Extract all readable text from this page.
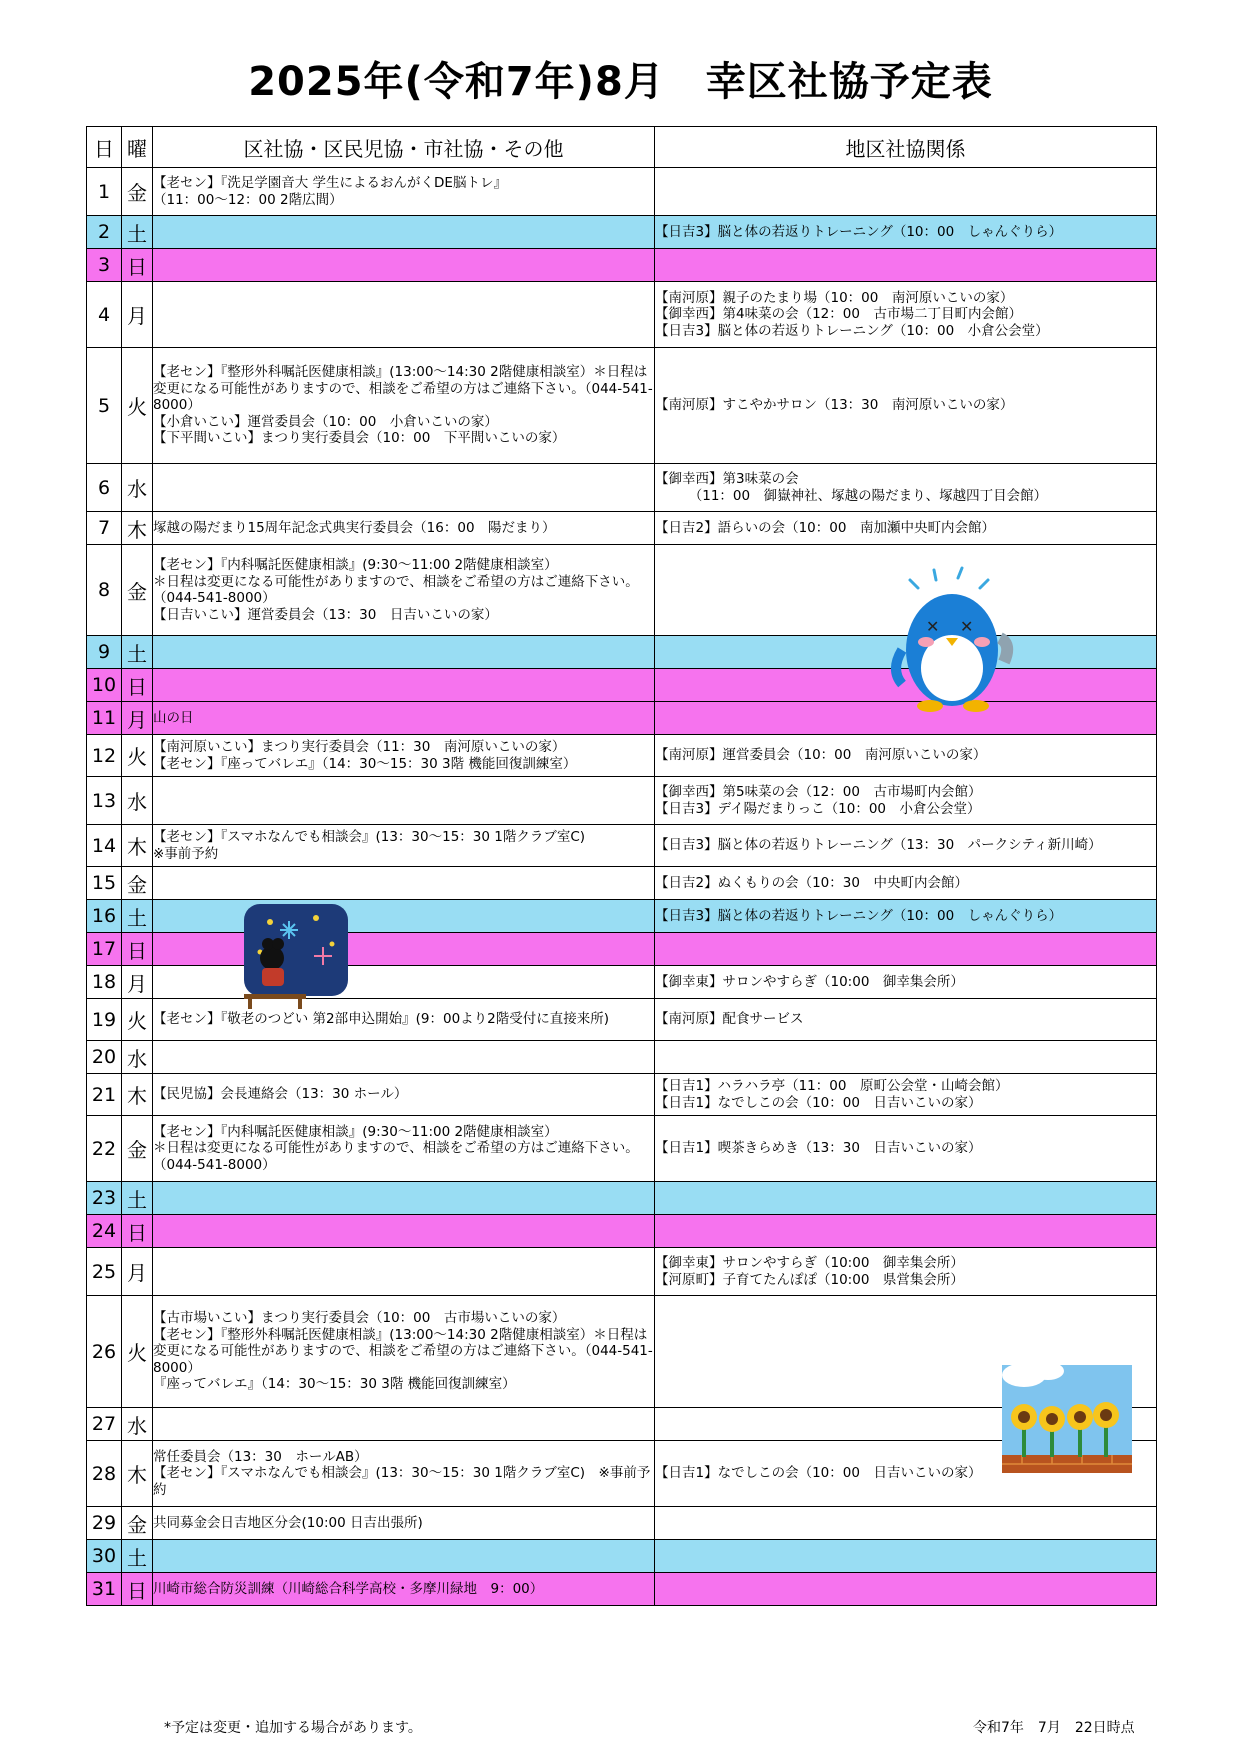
2025年(令和7年)8月　幸区社協予定表
日	曜	区社協・区民児協・市社協・その他	地区社協関係
1	金	【老セン】『洗足学園音大 学生によるおんがくDE脳トレ』
（11：00～12：00 2階広間）	
2	土		【日吉3】脳と体の若返りトレーニング（10：00　しゃんぐりら）
3	日		
4	月		【南河原】親子のたまり場（10：00　南河原いこいの家）
【御幸西】第4味菜の会（12：00　古市場二丁目町内会館）
【日吉3】脳と体の若返りトレーニング（10：00　小倉公会堂）
5	火	【老セン】『整形外科嘱託医健康相談』(13:00～14:30 2階健康相談室）＊日程は変更になる可能性がありますので、相談をご希望の方はご連絡下さい。（044-541-8000）
【小倉いこい】運営委員会（10：00　小倉いこいの家）
【下平間いこい】まつり実行委員会（10：00　下平間いこいの家）	【南河原】すこやかサロン（13：30　南河原いこいの家）
6	水		【御幸西】第3味菜の会
　　　（11：00　御嶽神社、塚越の陽だまり、塚越四丁目会館）
7	木	塚越の陽だまり15周年記念式典実行委員会（16：00　陽だまり）	【日吉2】語らいの会（10：00　南加瀬中央町内会館）
8	金	【老セン】『内科嘱託医健康相談』(9:30～11:00 2階健康相談室）
＊日程は変更になる可能性がありますので、相談をご希望の方はご連絡下さい。（044-541-8000）
【日吉いこい】運営委員会（13：30　日吉いこいの家）	
9	土		
10	日		
11	月	山の日	
12	火	【南河原いこい】まつり実行委員会（11：30　南河原いこいの家）
【老セン】『座ってバレエ』（14：30～15：30 3階 機能回復訓練室）	【南河原】運営委員会（10：00　南河原いこいの家）
13	水		【御幸西】第5味菜の会（12：00　古市場町内会館）
【日吉3】デイ陽だまりっこ（10：00　小倉公会堂）
14	木	【老セン】『スマホなんでも相談会』(13：30～15：30 1階クラブ室C)
※事前予約	【日吉3】脳と体の若返りトレーニング（13：30　パークシティ新川崎）
15	金		【日吉2】ぬくもりの会（10：30　中央町内会館）
16	土		【日吉3】脳と体の若返りトレーニング（10：00　しゃんぐりら）
17	日		
18	月		【御幸東】サロンやすらぎ（10:00　御幸集会所）
19	火	【老セン】『敬老のつどい 第2部申込開始』(9：00より2階受付に直接来所)	【南河原】配食サービス
20	水		
21	木	【民児協】会長連絡会（13：30 ホール）	【日吉1】ハラハラ亭（11：00　原町公会堂・山崎会館）
【日吉1】なでしこの会（10：00　日吉いこいの家）
22	金	【老セン】『内科嘱託医健康相談』(9:30～11:00 2階健康相談室）
＊日程は変更になる可能性がありますので、相談をご希望の方はご連絡下さい。（044-541-8000）	【日吉1】喫茶きらめき（13：30　日吉いこいの家）
23	土		
24	日		
25	月		【御幸東】サロンやすらぎ（10:00　御幸集会所）
【河原町】子育てたんぽぽ（10:00　県営集会所）
26	火	【古市場いこい】まつり実行委員会（10：00　古市場いこいの家）
【老セン】『整形外科嘱託医健康相談』(13:00～14:30 2階健康相談室）＊日程は変更になる可能性がありますので、相談をご希望の方はご連絡下さい。（044-541-8000）
『座ってバレエ』（14：30～15：30 3階 機能回復訓練室）	
27	水		
28	木	常任委員会（13：30　ホールAB）
【老セン】『スマホなんでも相談会』(13：30～15：30 1階クラブ室C)　※事前予約	【日吉1】なでしこの会（10：00　日吉いこいの家）
29	金	共同募金会日吉地区分会(10:00 日吉出張所)	
30	土		
31	日	川崎市総合防災訓練（川崎総合科学高校・多摩川緑地　9：00）	
*予定は変更・追加する場合があります。	令和7年　7月　22日時点
✕ ✕
